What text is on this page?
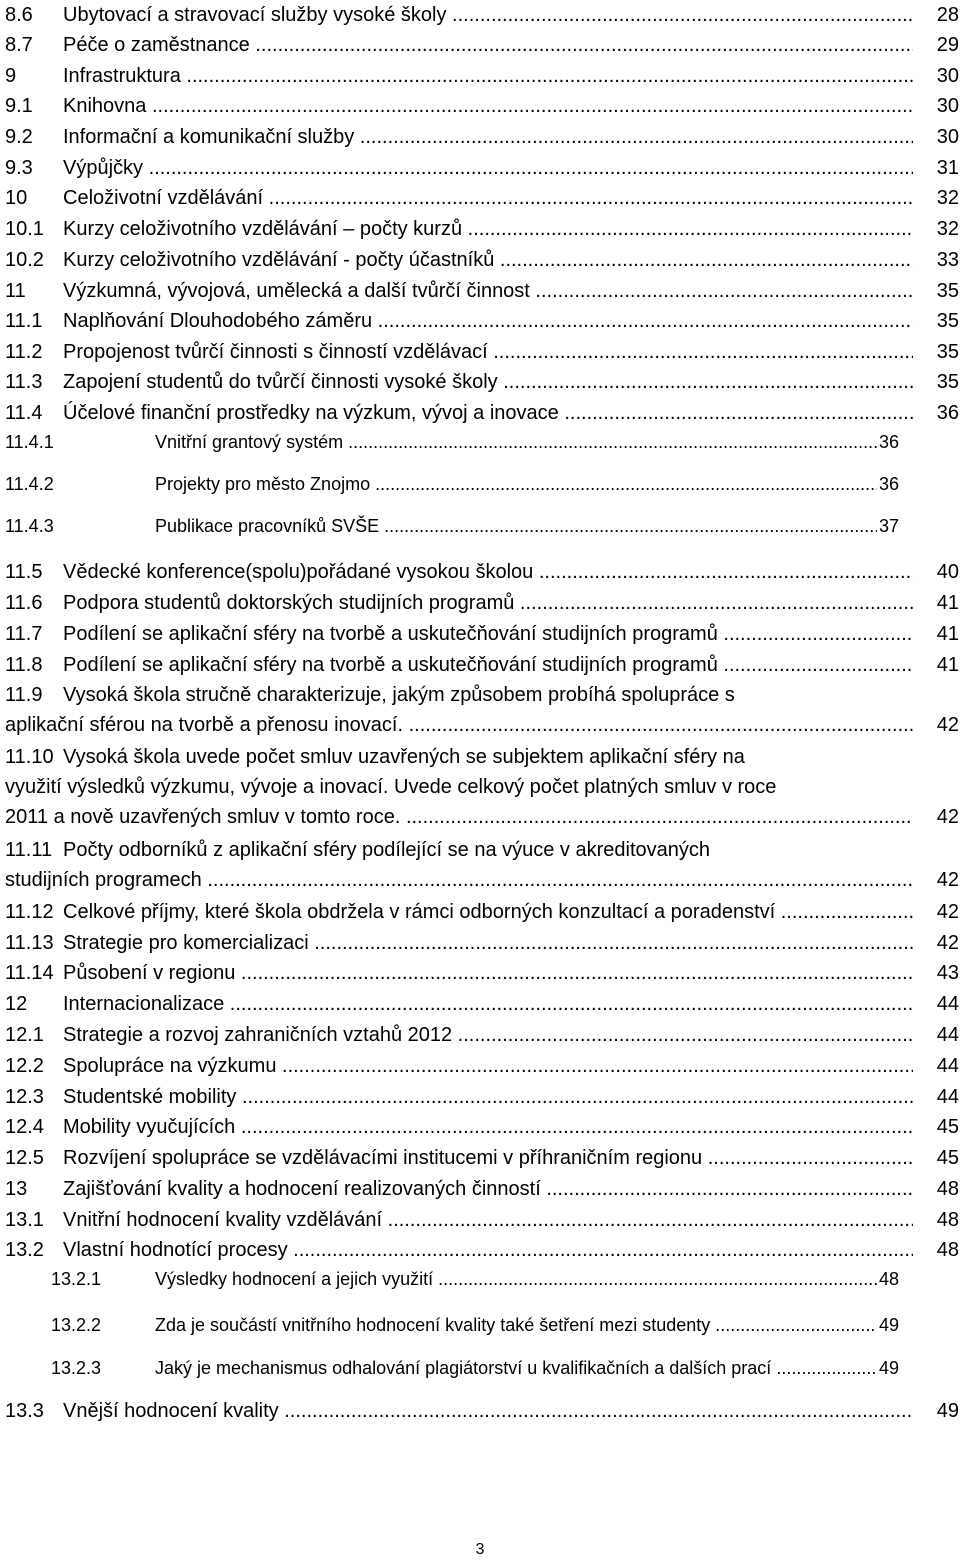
8.6 Ubytovací a stravovací služby vysoké školy .....	28
8.7 Péče o zaměstnance .....	29
9 Infrastruktura .....	30
9.1 Knihovna .....	30
9.2 Informační a komunikační služby .....	30
9.3 Výpůjčky .....	31
10 Celoživotní vzdělávání .....	32
10.1 Kurzy celoživotního vzdělávání – počty kurzů .....	32
10.2 Kurzy celoživotního vzdělávání - počty účastníků .....	33
11 Výzkumná, vývojová, umělecká a další tvůrčí činnost .....	35
11.1 Naplňování Dlouhodobého záměru .....	35
11.2 Propojenost tvůrčí činnosti s činností vzdělávací .....	35
11.3 Zapojení studentů do tvůrčí činnosti vysoké školy .....	35
11.4 Účelové finanční prostředky na výzkum, vývoj a inovace .....	36
11.4.1	Vnitřní grantový systém .....	36
11.4.2	Projekty pro město Znojmo .....	36
11.4.3	Publikace pracovníků SVŠE .....	37
11.5 Vědecké konference(spolu)pořádané vysokou školou .....	40
11.6 Podpora studentů doktorských studijních programů .....	41
11.7 Podílení se aplikační sféry na tvorbě a uskutečňování studijních programů .....	41
11.8 Podílení se aplikační sféry na tvorbě a uskutečňování studijních programů .....	41
11.9 Vysoká škola stručně charakterizuje, jakým způsobem probíhá spolupráce s
aplikační sférou na tvorbě a přenosu inovací. .....	42
11.10 Vysoká škola uvede počet smluv uzavřených se subjektem aplikační sféry na
využití výsledků výzkumu, vývoje a inovací. Uvede celkový počet platných smluv v roce
2011 a nově uzavřených smluv v tomto roce. .....	42
11.11 Počty odborníků z aplikační sféry podílející se na výuce v akreditovaných
studijních programech .....	42
11.12 Celkové příjmy, které škola obdržela v rámci odborných konzultací a poradenství .....	42
11.13 Strategie pro komercializaci .....	42
11.14 Působení v regionu .....	43
12 Internacionalizace .....	44
12.1 Strategie a rozvoj zahraničních vztahů 2012 .....	44
12.2 Spolupráce na výzkumu .....	44
12.3 Studentské mobility .....	44
12.4 Mobility vyučujících .....	45
12.5 Rozvíjení spolupráce se vzdělávacími institucemi v příhraničním regionu .....	45
13 Zajišťování kvality a hodnocení realizovaných činností .....	48
13.1 Vnitřní hodnocení kvality vzdělávání .....	48
13.2 Vlastní hodnotící procesy .....	48
13.2.1	Výsledky hodnocení a jejich využití .....	48
13.2.2	Zda je součástí vnitřního hodnocení kvality také šetření mezi studenty .....	49
13.2.3	Jaký je mechanismus odhalování plagiátorství u kvalifikačních a dalších prací .....	49
13.3 Vnější hodnocení kvality .....	49
3
